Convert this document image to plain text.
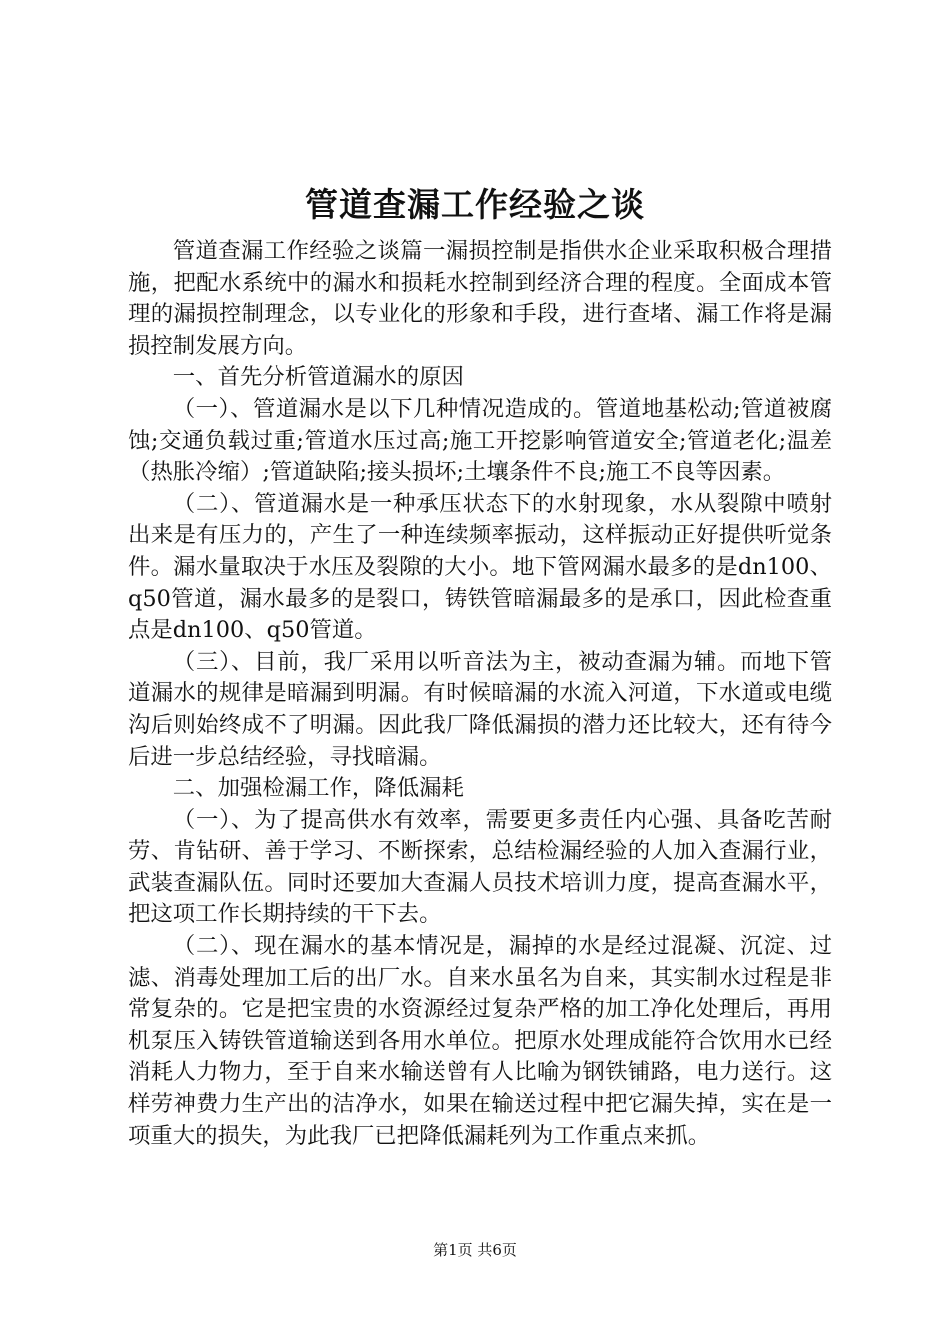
管道查漏工作经验之谈

管道查漏工作经验之谈篇一漏损控制是指供水企业采取积极合理措施，把配水系统中的漏水和损耗水控制到经济合理的程度。全面成本管理的漏损控制理念，以专业化的形象和手段，进行查堵、漏工作将是漏损控制发展方向。

一、首先分析管道漏水的原因

（一）、管道漏水是以下几种情况造成的。管道地基松动;管道被腐蚀;交通负载过重;管道水压过高;施工开挖影响管道安全;管道老化;温差（热胀冷缩）;管道缺陷;接头损坏;土壤条件不良;施工不良等因素。

（二）、管道漏水是一种承压状态下的水射现象，水从裂隙中喷射出来是有压力的，产生了一种连续频率振动，这样振动正好提供听觉条件。漏水量取决于水压及裂隙的大小。地下管网漏水最多的是dn100、q50管道，漏水最多的是裂口，铸铁管暗漏最多的是承口，因此检查重点是dn100、q50管道。

（三）、目前，我厂采用以听音法为主，被动查漏为辅。而地下管道漏水的规律是暗漏到明漏。有时候暗漏的水流入河道，下水道或电缆沟后则始终成不了明漏。因此我厂降低漏损的潜力还比较大，还有待今后进一步总结经验，寻找暗漏。

二、加强检漏工作，降低漏耗

（一）、为了提高供水有效率，需要更多责任内心强、具备吃苦耐劳、肯钻研、善于学习、不断探索，总结检漏经验的人加入查漏行业，武装查漏队伍。同时还要加大查漏人员技术培训力度，提高查漏水平，把这项工作长期持续的干下去。

（二）、现在漏水的基本情况是，漏掉的水是经过混凝、沉淀、过滤、消毒处理加工后的出厂水。自来水虽名为自来，其实制水过程是非常复杂的。它是把宝贵的水资源经过复杂严格的加工净化处理后，再用机泵压入铸铁管道输送到各用水单位。把原水处理成能符合饮用水已经消耗人力物力，至于自来水输送曾有人比喻为钢铁铺路，电力送行。这样劳神费力生产出的洁净水，如果在输送过程中把它漏失掉，实在是一项重大的损失，为此我厂已把降低漏耗列为工作重点来抓。

第1页 共6页
